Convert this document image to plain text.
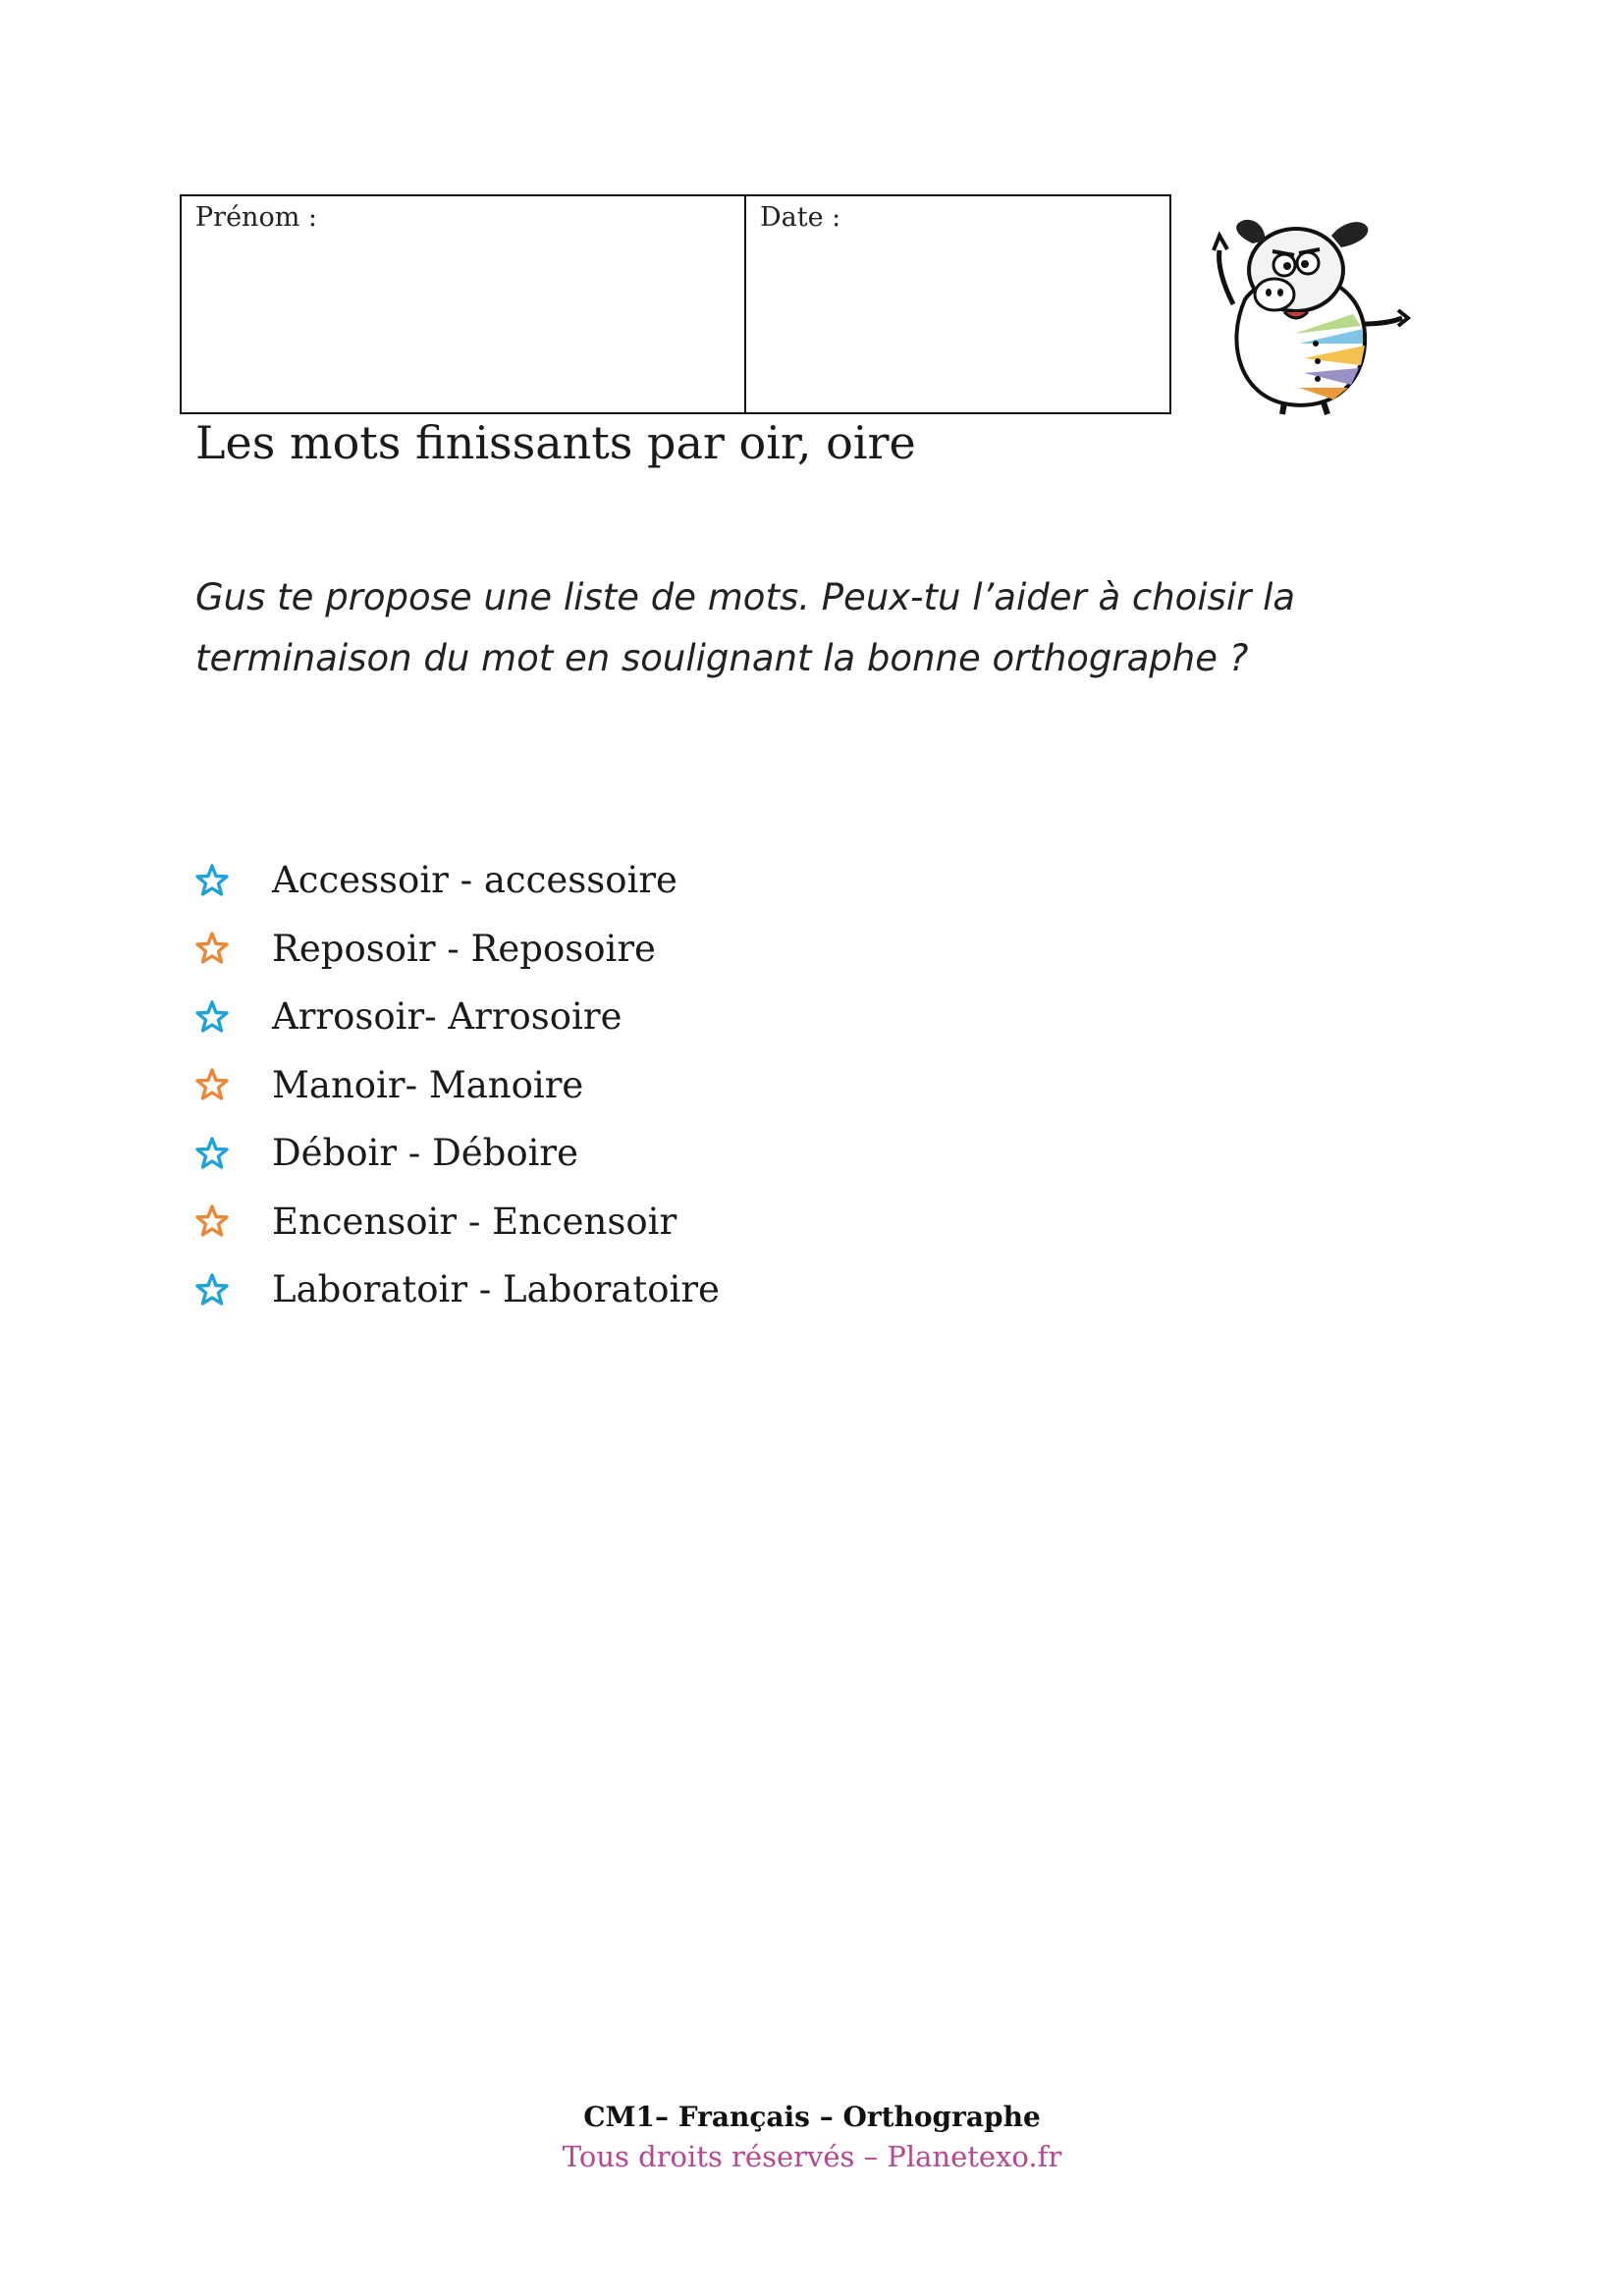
Prénom :	Date :
Les mots finissants par oir, oire

Gus te propose une liste de mots. Peux-tu l’aider à choisir la terminaison du mot en soulignant la bonne orthographe ?

Accessoir - accessoire
Reposoir - Reposoire
Arrosoir- Arrosoire
Manoir- Manoire
Déboir - Déboire
Encensoir - Encensoir
Laboratoir - Laboratoire
CM1– Français – Orthographe
Tous droits réservés – Planetexo.fr
